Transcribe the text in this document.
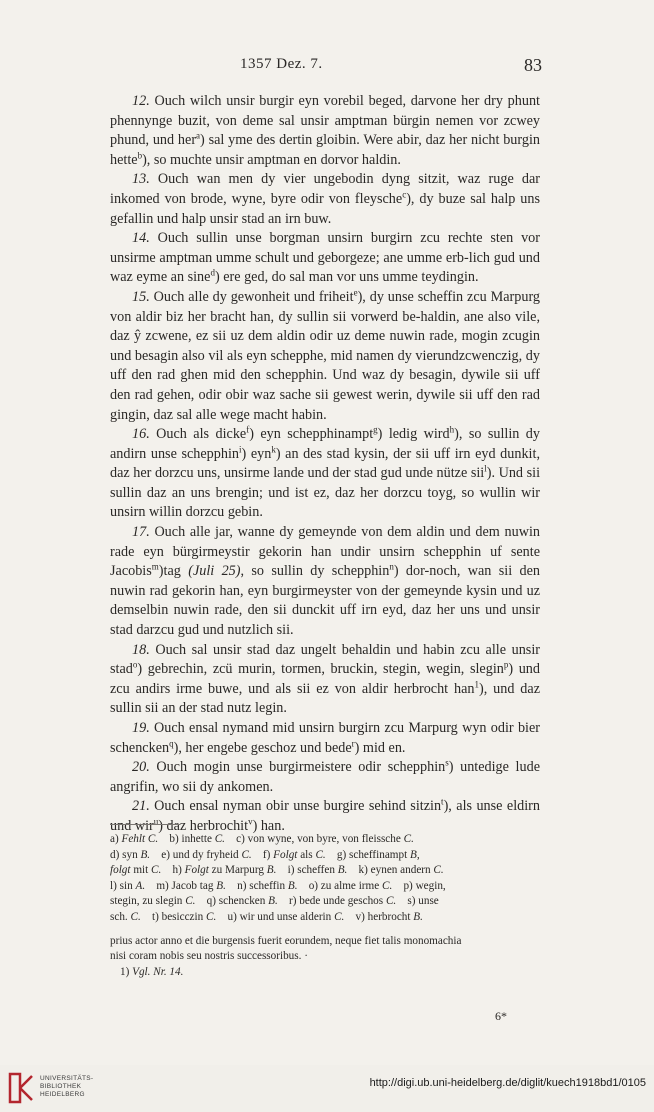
1357 Dez. 7.	83

12. Ouch wilch unsir burgir eyn vorebil beged, darvone her dry phunt phennynge buzit, von deme sal unsir amptman bürgin nemen vor zcwey phund, und her$^a$) sal yme des dertin gloibin. Were abir, daz her nicht burgin hette$^b$), so muchte unsir amptman en dorvor haldin.

13. Ouch wan men dy vier ungebodin dyng sitzit, waz ruge dar inkomed von brode, wyne, byre odir von fleysche$^c$), dy buze sal halp uns gefallin und halp unsir stad an irn buw.

14. Ouch sullin unse borgman unsirn burgirn zcu rechte sten vor unsirme amptman umme schult und geborgeze; ane umme erb-lich gud und waz eyme an sine$^d$) ere ged, do sal man vor uns umme teydingin.

15. Ouch alle dy gewonheit und friheit$^e$), dy unse scheffin zcu Marpurg von aldir biz her bracht han, dy sullin sii vorwerd be-haldin, ane also vile, daz ŷ zcwene, ez sii uz dem aldin odir uz deme nuwin rade, mogin zcugin und besagin also vil als eyn schepphe, mid namen dy vierundzcwenczig, dy uff den rad ghen mid den schepphin. Und waz dy besagin, dywile sii uff den rad gehen, odir obir waz sache sii gewest werin, dywile sii uff den rad gingin, daz sal alle wege macht habin.

16. Ouch als dicke$^f$) eyn schepphinampt$^g$) ledig wird$^h$), so sullin dy andirn unse schepphin$^i$) eyn$^k$) an des stad kysin, der sii uff irn eyd dunkit, daz her dorzcu uns, unsirme lande und der stad gud unde nütze sii$^l$). Und sii sullin daz an uns brengin; und ist ez, daz her dorzcu toyg, so wullin wir unsirn willin dorzcu gebin.

17. Ouch alle jar, wanne dy gemeynde von dem aldin und dem nuwin rade eyn bürgirmeystir gekorin han undir unsirn schepphin uf sente Jacobis$^m$)tag (Juli 25), so sullin dy schepphin$^n$) dor-noch, wan sii den nuwin rad gekorin han, eyn burgirmeyster von der gemeynde kysin und uz demselbin nuwin rade, den sii dunckit uff irn eyd, daz her uns und unsir stad darzcu gud und nutzlich sii.

18. Ouch sal unsir stad daz ungelt behaldin und habin zcu alle unsir stad$^o$) gebrechin, zcü murin, tormen, bruckin, stegin, wegin, slegin$^p$) und zcu andirs irme buwe, und als sii ez von aldir herbrocht han$^1$), und daz sullin sii an der stad nutz legin.

19. Ouch ensal nymand mid unsirn burgirn zcu Marpurg wyn odir bier schencken$^q$), her engebe geschoz und bede$^r$) mid en.

20. Ouch mogin unse burgirmeistere odir schepphin$^s$) untedige lude angrifin, wo sii dy ankomen.

21. Ouch ensal nyman obir unse burgire sehind sitzin$^t$), als unse eldirn und wir$^u$) daz herbrochit$^v$) han.

a) Fehlt C.    b) inhette C.    c) von wyne, von byre, von fleissche C.

d) syn B.    e) und dy fryheid C.    f) Folgt als C.    g) scheffinampt B,

folgt mit C.    h) Folgt zu Marpurg B.    i) scheffen B.    k) eynen andern C.

l) sin A.    m) Jacob tag B.    n) scheffin B.    o) zu alme irme C.    p) wegin,

stegin, zu slegin C.    q) schencken B.    r) bede unde geschos C.    s) unse

sch. C.    t) besicczin C.    u) wir und unse alderin C.    v) herbrocht B.

prius actor anno et die burgensis fuerit eorundem, neque fiet talis monomachia

nisi coram nobis seu nostris successoribus. ·

1) Vgl. Nr. 14.

6*
UNIVERSITÄTS-
BIBLIOTHEK
HEIDELBERG
http://digi.ub.uni-heidelberg.de/diglit/kuech1918bd1/0105
